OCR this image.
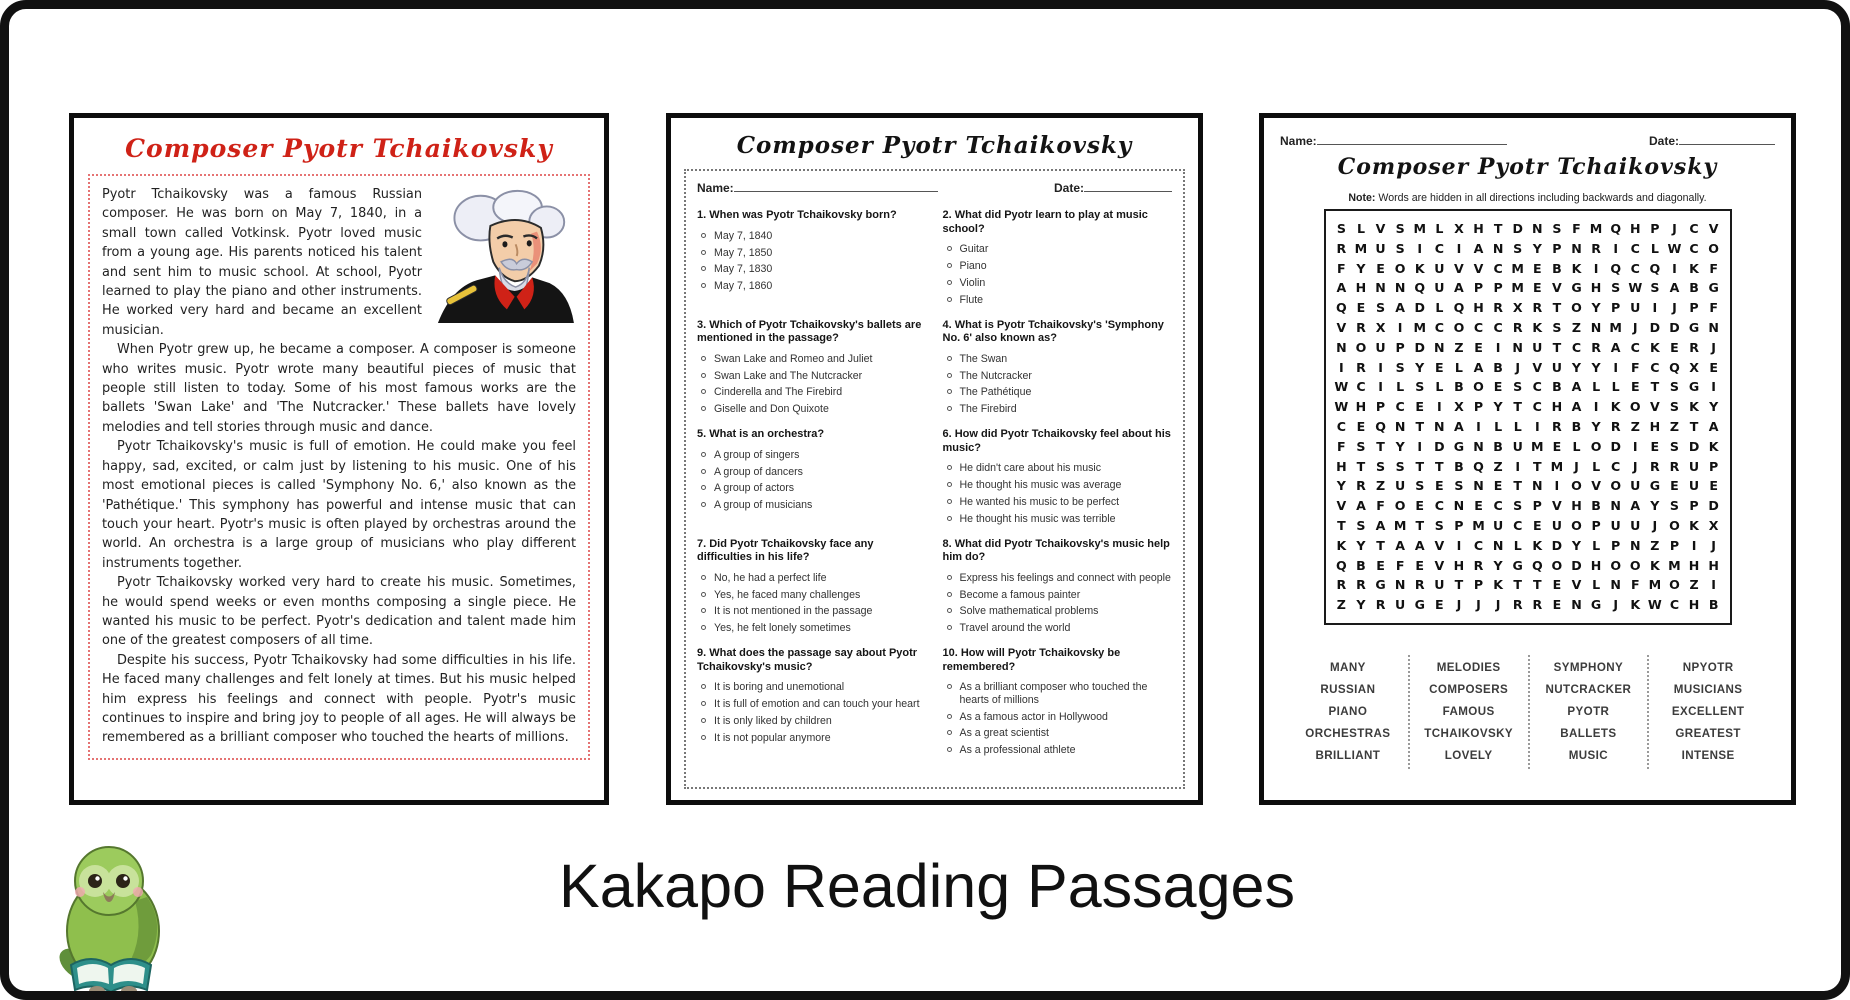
Composer Pyotr Tchaikovsky

Pyotr Tchaikovsky was a famous Russian composer. He was born on May 7, 1840, in a small town called Votkinsk. Pyotr loved music from a young age. His parents noticed his talent and sent him to music school. At school, Pyotr learned to play the piano and other instruments. He worked very hard and became an excellent musician.

When Pyotr grew up, he became a composer. A composer is someone who writes music. Pyotr wrote many beautiful pieces of music that people still listen to today. Some of his most famous works are the ballets 'Swan Lake' and 'The Nutcracker.' These ballets have lovely melodies and tell stories through music and dance.

Pyotr Tchaikovsky's music is full of emotion. He could make you feel happy, sad, excited, or calm just by listening to his music. One of his most emotional pieces is called 'Symphony No. 6,' also known as the 'Pathétique.' This symphony has powerful and intense music that can touch your heart. Pyotr's music is often played by orchestras around the world. An orchestra is a large group of musicians who play different instruments together.

Pyotr Tchaikovsky worked very hard to create his music. Sometimes, he would spend weeks or even months composing a single piece. He wanted his music to be perfect. Pyotr's dedication and talent made him one of the greatest composers of all time.

Despite his success, Pyotr Tchaikovsky had some difficulties in his life. He faced many challenges and felt lonely at times. But his music helped him express his feelings and connect with people. Pyotr's music continues to inspire and bring joy to people of all ages. He will always be remembered as a brilliant composer who touched the hearts of millions.

Composer Pyotr Tchaikovsky
Name:	Date:
1. When was Pyotr Tchaikovsky born?
May 7, 1840
May 7, 1850
May 7, 1830
May 7, 1860
2. What did Pyotr learn to play at music school?
Guitar
Piano
Violin
Flute
3. Which of Pyotr Tchaikovsky's ballets are mentioned in the passage?
Swan Lake and Romeo and Juliet
Swan Lake and The Nutcracker
Cinderella and The Firebird
Giselle and Don Quixote
4. What is Pyotr Tchaikovsky's 'Symphony No. 6' also known as?
The Swan
The Nutcracker
The Pathétique
The Firebird
5. What is an orchestra?
A group of singers
A group of dancers
A group of actors
A group of musicians
6. How did Pyotr Tchaikovsky feel about his music?
He didn't care about his music
He thought his music was average
He wanted his music to be perfect
He thought his music was terrible
7. Did Pyotr Tchaikovsky face any difficulties in his life?
No, he had a perfect life
Yes, he faced many challenges
It is not mentioned in the passage
Yes, he felt lonely sometimes
8. What did Pyotr Tchaikovsky's music help him do?
Express his feelings and connect with people
Become a famous painter
Solve mathematical problems
Travel around the world
9. What does the passage say about Pyotr Tchaikovsky's music?
It is boring and unemotional
It is full of emotion and can touch your heart
It is only liked by children
It is not popular anymore
10. How will Pyotr Tchaikovsky be remembered?
As a brilliant composer who touched the hearts of millions
As a famous actor in Hollywood
As a great scientist
As a professional athlete
Name:	Date:
Composer Pyotr Tchaikovsky
Note: Words are hidden in all directions including backwards and diagonally.
S L V S M L X H T D N S F M Q H P	J	C V
R M U S	I	C	I A N S Y P N R I	C L W C O
F Y E O K U V V C M E B K I Q C Q I K F
A H N N Q U A P P M E V G H S W S A B G
Q E S A D L Q H R X R T O Y P U I	J	P F
V R X I M C O C C R K S Z N M J D D G N
N O U P D N Z E	I N U T C R A C K E R J
I R I	S Y E L A B J V U Y Y	I	F C Q X E
W C	I	L S L B O E S C B A L L E T S G I
W H P C E	I X P Y T C H A I K O V S K Y
C E Q N T N A I	L L	I R B Y R Z H Z T A
F S T Y	I D G N B U M E L O D I	E S D K
H T S S T T B Q Z	I	T M J	L C	J R R U P
Y R Z U S E S N E T N I O V O U G E U E
V A F O E C N E C S P V H B N A Y S P D
T S A M T S P M U C E U O P U U J O K X
K Y T A A V I	C N L K D Y L P N Z P	I	J
Q B E F E V H R Y G Q O D H O O K M H H
R R G N R U T P K T T E V L N F M O Z	I
Z Y R U G E	J	J	J R R E N G J K W C H B
MANY
RUSSIAN
PIANO
ORCHESTRAS
BRILLIANT
MELODIES
COMPOSERS
FAMOUS
TCHAIKOVSKY
LOVELY
SYMPHONY
NUTCRACKER
PYOTR
BALLETS
MUSIC
NPYOTR
MUSICIANS
EXCELLENT
GREATEST
INTENSE
Kakapo Reading Passages
